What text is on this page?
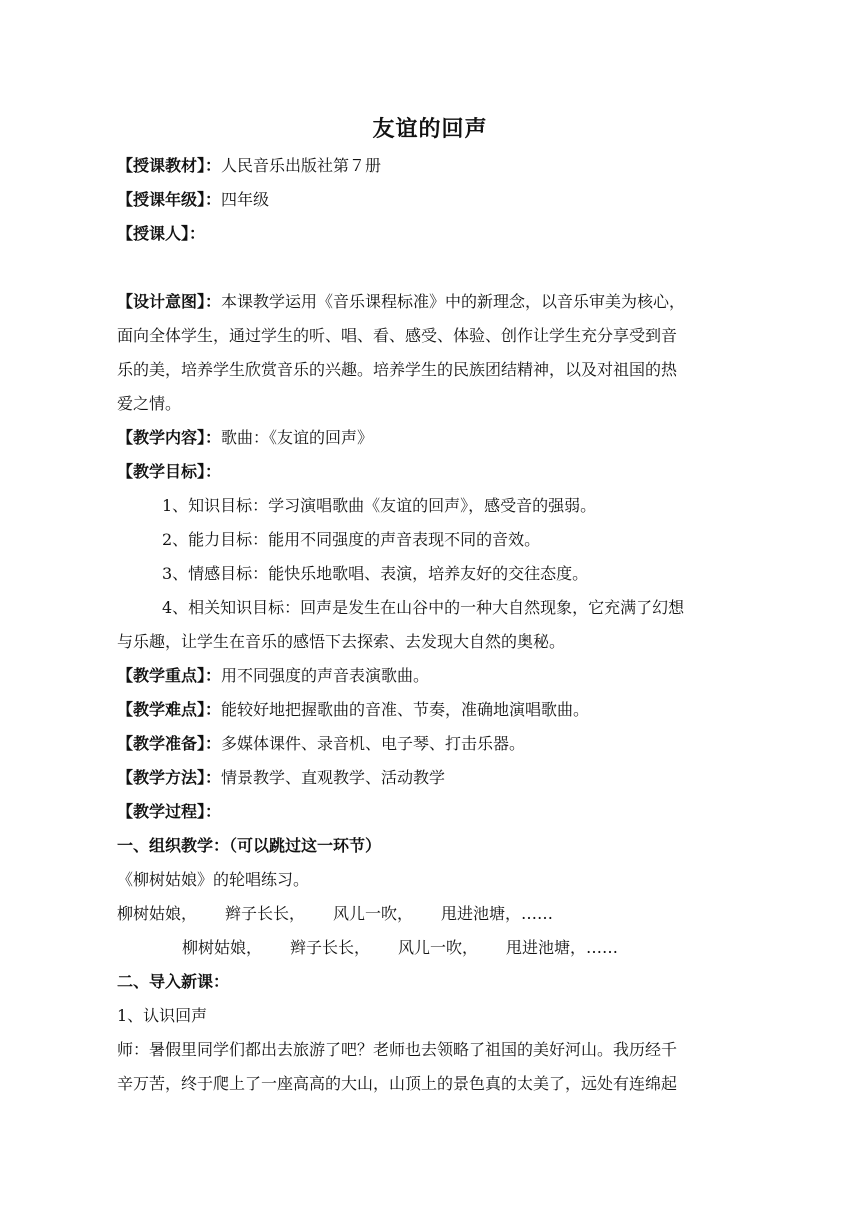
友谊的回声
【授课教材】：人民音乐出版社第７册
【授课年级】：四年级
【授课人】：
【设计意图】：本课教学运用《音乐课程标准》中的新理念，以音乐审美为核心，
面向全体学生，通过学生的听、唱、看、感受、体验、创作让学生充分享受到音
乐的美，培养学生欣赏音乐的兴趣。培养学生的民族团结精神，以及对祖国的热
爱之情。
【教学内容】：歌曲：《友谊的回声》
【教学目标】：
1、知识目标：学习演唱歌曲《友谊的回声》，感受音的强弱。
2、能力目标：能用不同强度的声音表现不同的音效。
3、情感目标：能快乐地歌唱、表演，培养友好的交往态度。
4、相关知识目标：回声是发生在山谷中的一种大自然现象，它充满了幻想
与乐趣，让学生在音乐的感悟下去探索、去发现大自然的奥秘。
【教学重点】：用不同强度的声音表演歌曲。
【教学难点】：能较好地把握歌曲的音准、节奏，准确地演唱歌曲。
【教学准备】：多媒体课件、录音机、电子琴、打击乐器。
【教学方法】：情景教学、直观教学、活动教学
【教学过程】：
一、组织教学：（可以跳过这一环节）
《柳树姑娘》的轮唱练习。
柳树姑娘， 辫子长长， 风儿一吹， 甩进池塘，……
柳树姑娘， 辫子长长， 风儿一吹， 甩进池塘，……
二、导入新课：
1、认识回声
师：暑假里同学们都出去旅游了吧？老师也去领略了祖国的美好河山。我历经千
辛万苦，终于爬上了一座高高的大山，山顶上的景色真的太美了，远处有连绵起
